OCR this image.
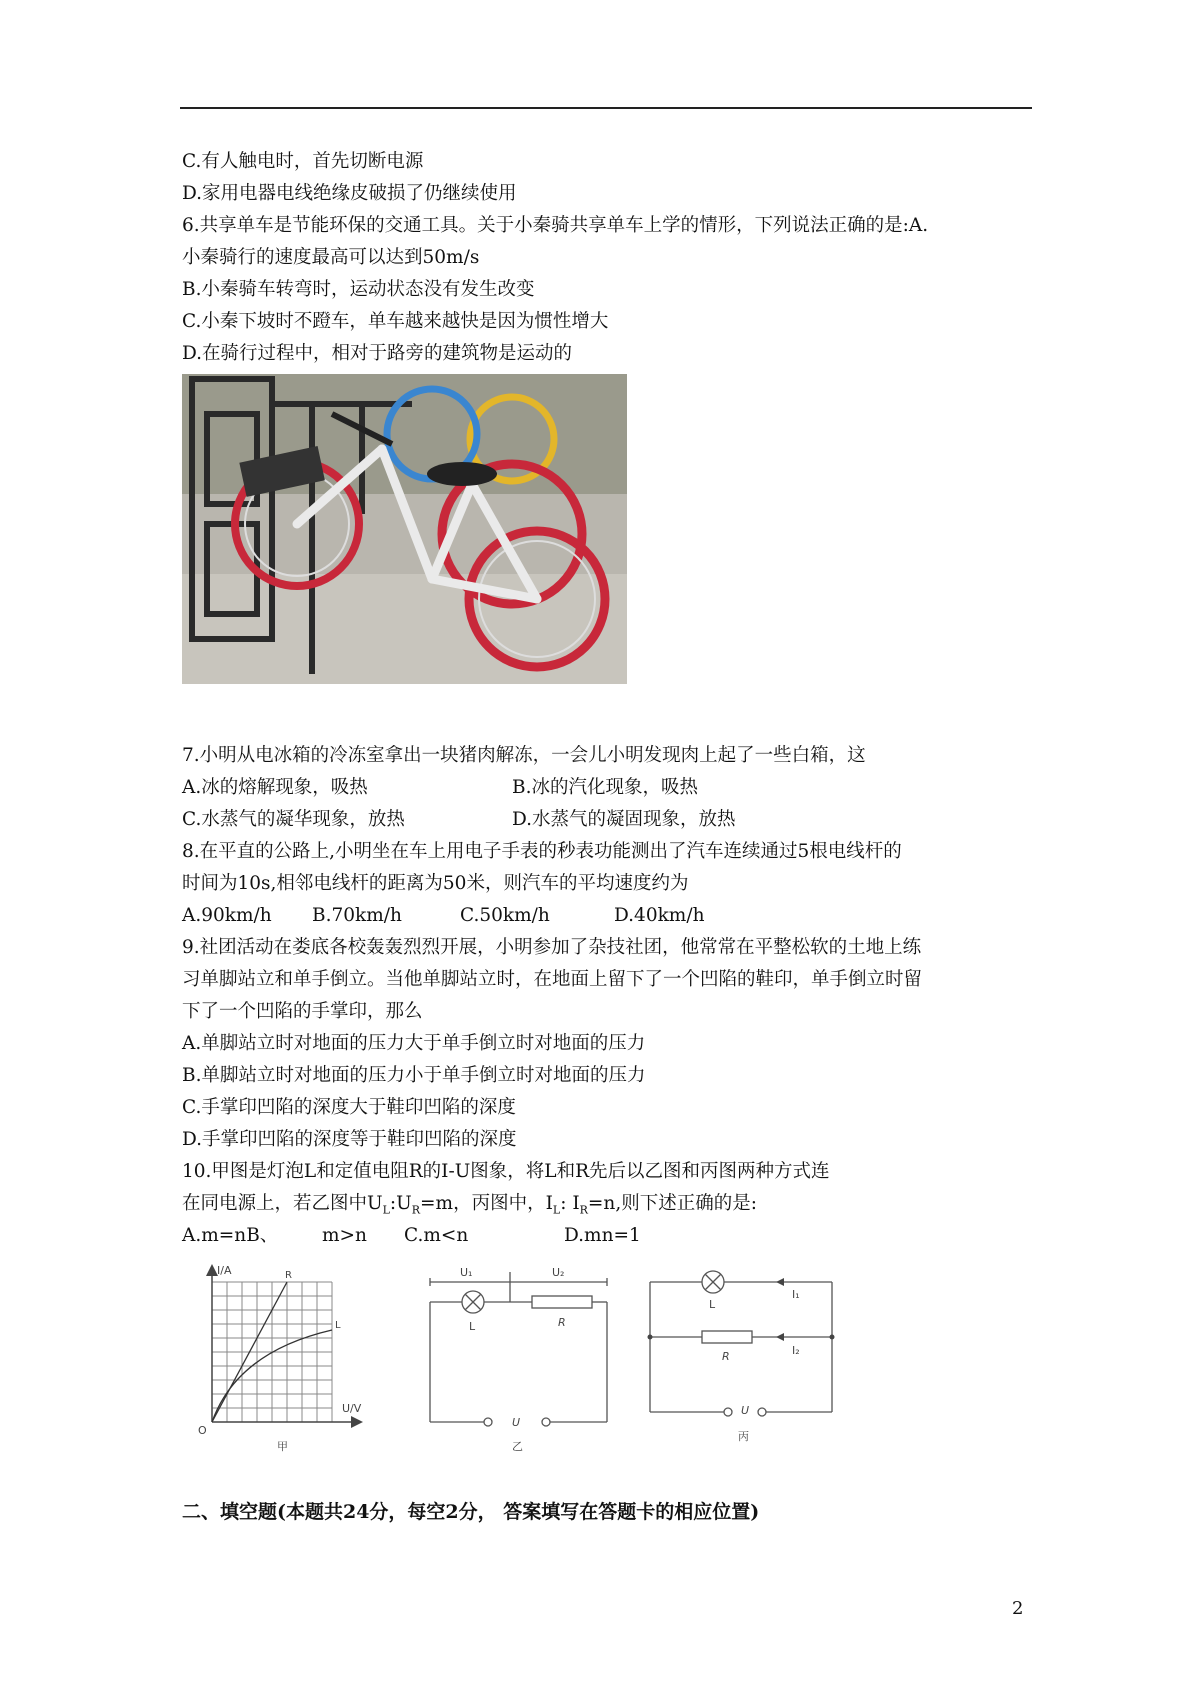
C.有人触电时，首先切断电源
D.家用电器电线绝缘皮破损了仍继续使用
6.共享单车是节能环保的交通工具。关于小秦骑共享单车上学的情形，下列说法正确的是:A.
小秦骑行的速度最高可以达到50m/s
B.小秦骑车转弯时，运动状态没有发生改变
C.小秦下坡时不蹬车，单车越来越快是因为惯性增大
D.在骑行过程中，相对于路旁的建筑物是运动的
7.小明从电冰箱的冷冻室拿出一块猪肉解冻，一会儿小明发现肉上起了一些白箱，这
A.冰的熔解现象，吸热	B.冰的汽化现象，吸热
C.水蒸气的凝华现象，放热	D.水蒸气的凝固现象，放热
8.在平直的公路上,小明坐在车上用电子手表的秒表功能测出了汽车连续通过5根电线杆的
时间为10s,相邻电线杆的距离为50米，则汽车的平均速度约为
A.90km/h B.70km/h	C.50km/h	D.40km/h
9.社团活动在娄底各校轰轰烈烈开展，小明参加了杂技社团，他常常在平整松软的土地上练
习单脚站立和单手倒立。当他单脚站立时，在地面上留下了一个凹陷的鞋印，单手倒立时留
下了一个凹陷的手掌印，那么
A.单脚站立时对地面的压力大于单手倒立时对地面的压力
B.单脚站立时对地面的压力小于单手倒立时对地面的压力
C.手掌印凹陷的深度大于鞋印凹陷的深度
D.手掌印凹陷的深度等于鞋印凹陷的深度
10.甲图是灯泡L和定值电阻R的I-U图象，将L和R先后以乙图和丙图两种方式连
在同电源上，若乙图中$U_L:U_R=m$，丙图中，$I_L$: $I_R=n$,则下述正确的是:
A.m=nB、 m>n C.m<n	D.mn=1
I/A
U/V
O
R
L
甲
U₁	U₂
L	R
U
乙
I₁
I₂
L
R
U
丙
二、填空题(本题共24分，每空2分， 答案填写在答题卡的相应位置)
2
